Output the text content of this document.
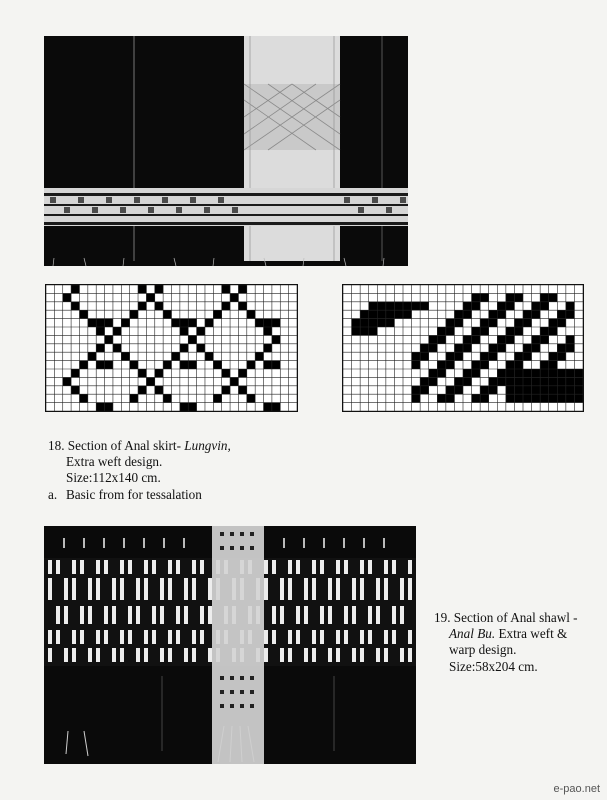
18. Section of Anal skirt- Lungvin,
Extra weft design.
Size:112x140 cm.
a. Basic from for tessalation
19. Section of Anal shawl -
Anal Bu. Extra weft &
warp design.
Size:58x204 cm.
e-pao.net
